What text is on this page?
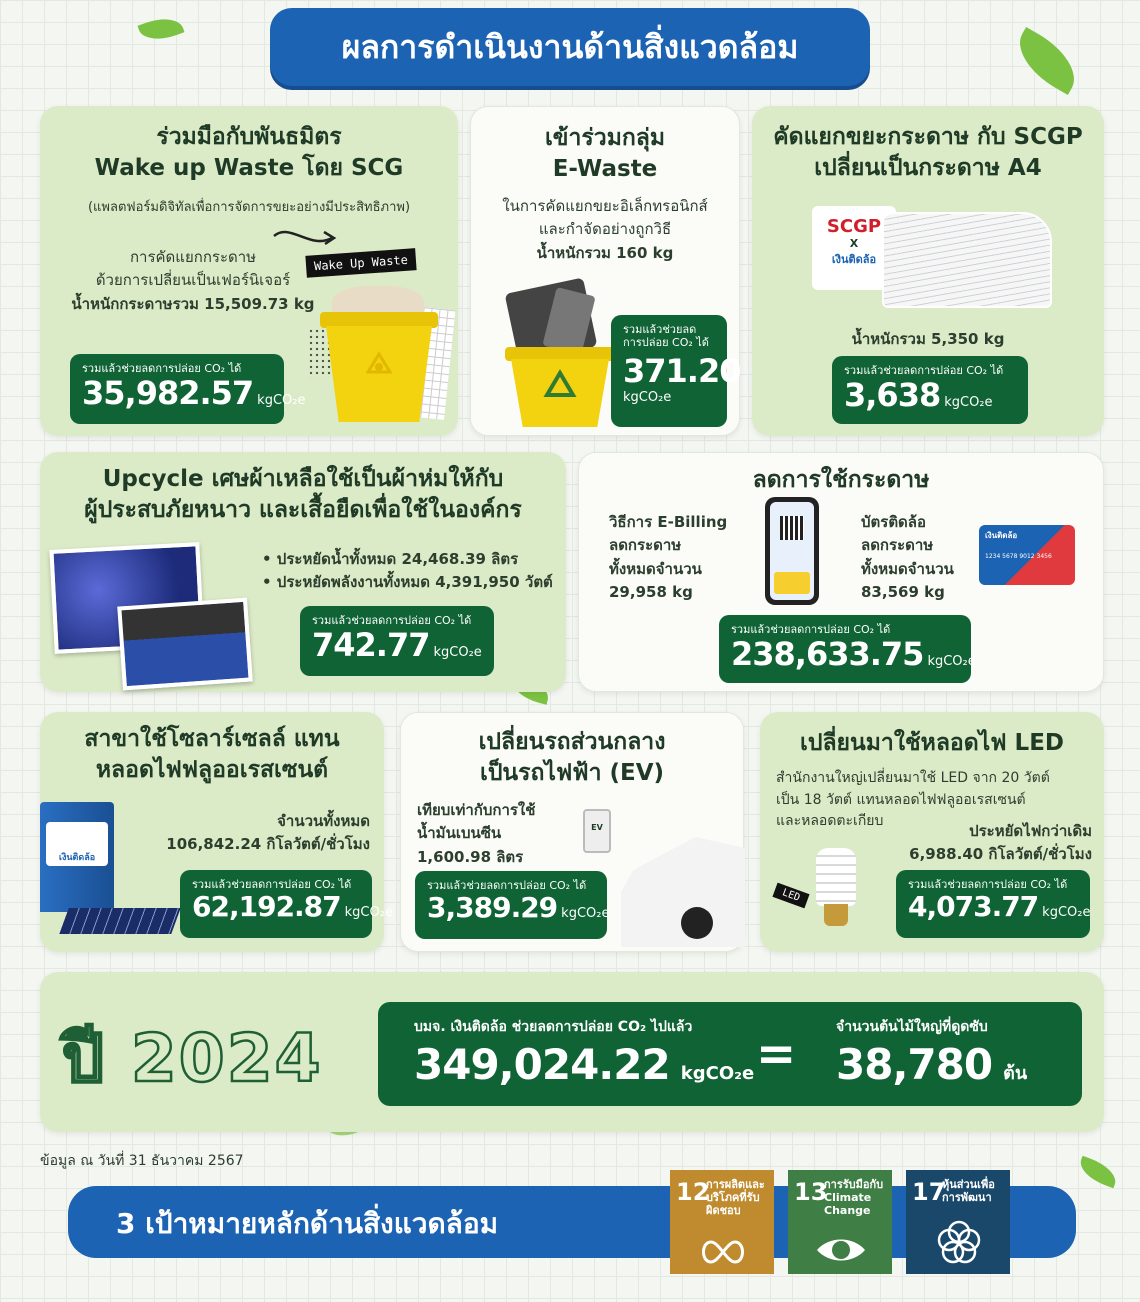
ผลการดำเนินงานด้านสิ่งแวดล้อม
ร่วมมือกับพันธมิตร
Wake up Waste โดย SCG
(แพลตฟอร์มดิจิทัลเพื่อการจัดการขยะอย่างมีประสิทธิภาพ)
การคัดแยกกระดาษ
ด้วยการเปลี่ยนเป็นเฟอร์นิเจอร์
น้ำหนักกระดาษรวม 15,509.73 kg
Wake Up Waste
รวมแล้วช่วยลดการปล่อย CO₂ ได้
35,982.57 kgCO₂e
เข้าร่วมกลุ่ม
E-Waste
ในการคัดแยกขยะอิเล็กทรอนิกส์
และกำจัดอย่างถูกวิธี
น้ำหนักรวม 160 kg
รวมแล้วช่วยลด การปล่อย CO₂ ได้
371.20
kgCO₂e
คัดแยกขยะกระดาษ กับ SCGP
เปลี่ยนเป็นกระดาษ A4
SCGP
X
เงินติดล้อ
น้ำหนักรวม 5,350 kg
รวมแล้วช่วยลดการปล่อย CO₂ ได้
3,638 kgCO₂e
Upcycle เศษผ้าเหลือใช้เป็นผ้าห่มให้กับ
ผู้ประสบภัยหนาว และเสื้อยืดเพื่อใช้ในองค์กร
• ประหยัดน้ำทั้งหมด 24,468.39 ลิตร
• ประหยัดพลังงานทั้งหมด 4,391,950 วัตต์
รวมแล้วช่วยลดการปล่อย CO₂ ได้
742.77 kgCO₂e
ลดการใช้กระดาษ
วิธีการ E-Billing
ลดกระดาษ
ทั้งหมดจำนวน
29,958 kg
บัตรติดล้อ
ลดกระดาษ
ทั้งหมดจำนวน
83,569 kg
เงินติดล้อ
1234 5678 9012 3456
รวมแล้วช่วยลดการปล่อย CO₂ ได้
238,633.75 kgCO₂e
สาขาใช้โซลาร์เซลล์ แทน
หลอดไฟฟลูออเรสเซนต์
เงินติดล้อ
จำนวนทั้งหมด
106,842.24 กิโลวัตต์/ชั่วโมง
รวมแล้วช่วยลดการปล่อย CO₂ ได้
62,192.87 kgCO₂e
เปลี่ยนรถส่วนกลาง
เป็นรถไฟฟ้า (EV)
เทียบเท่ากับการใช้
น้ำมันเบนซีน
1,600.98 ลิตร
EV
รวมแล้วช่วยลดการปล่อย CO₂ ได้
3,389.29 kgCO₂e
เปลี่ยนมาใช้หลอดไฟ LED
สำนักงานใหญ่เปลี่ยนมาใช้ LED จาก 20 วัตต์
เป็น 18 วัตต์ แทนหลอดไฟฟลูออเรสเซนต์
และหลอดตะเกียบ
ประหยัดไฟกว่าเดิม
6,988.40 กิโลวัตต์/ชั่วโมง
LED
รวมแล้วช่วยลดการปล่อย CO₂ ได้
4,073.77 kgCO₂e
ปี 2024	บมจ. เงินติดล้อ ช่วยลดการปล่อย CO₂ ไปแล้ว
349,024.22 kgCO₂e =	จำนวนต้นไม้ใหญ่ที่ดูดซับ
38,780 ต้น
ข้อมูล ณ วันที่ 31 ธันวาคม 2567
3 เป้าหมายหลักด้านสิ่งแวดล้อม
12
การผลิตและบริโภคที่รับผิดชอบ
13
การรับมือกับ Climate Change
17
หุ้นส่วนเพื่อการพัฒนา
